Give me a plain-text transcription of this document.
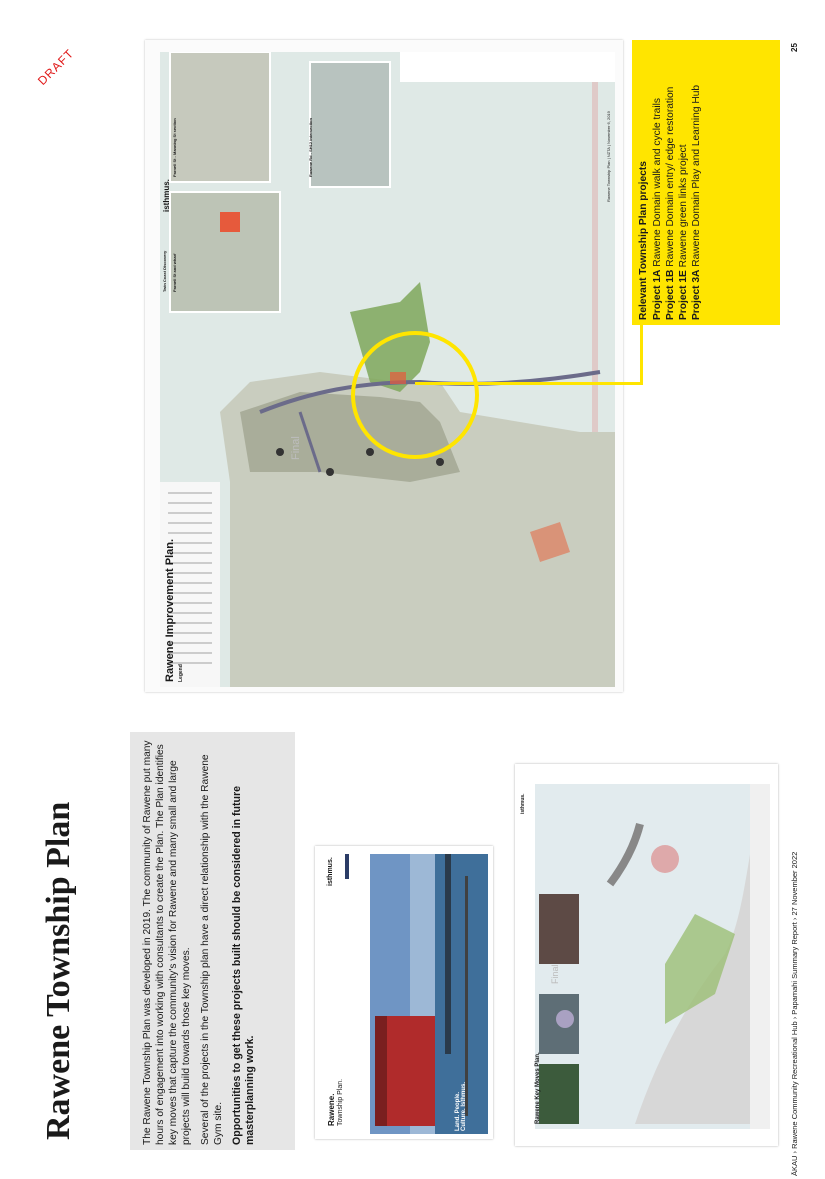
DRAFT
Rawene Township Plan	The Rawene Township Plan was developed in 2019. The community of Rawene put many hours of engagement into working with consultants to create the Plan. The Plan identifies key moves that capture the community's vision for Rawene and many small and large projects will build towards those key moves. Several of the projects in the Township plan have a direct relationship with the Rawene Gym site. Opportunities to get these projects built should be considered in future masterplanning work.	Rawene. Township Plan.
isthmus.
Land. People. Culture. Isthmus.	Rawene Key Moves Plan.
isthmus.
Final
Rawene Improvement Plan. Legend
isthmus.
Twin Coast Discovery Parnell St and wharf
Parnell St - Manning St section	Rawene Rd - SH12 intersection
Final
Rawene Township Plan | NZTA | November 6, 2019
Relevant Township Plan projects Project 1A Rawene Domain walk and cycle trails
Project 1B Rawene Domain entry/ edge restoration
Project 1E Rawene green links project
Project 3A Rawene Domain Play and Learning Hub
25
ĀKAU › Rawene Community Recreational Hub › Papamahi Summary Report › 27 November 2022
